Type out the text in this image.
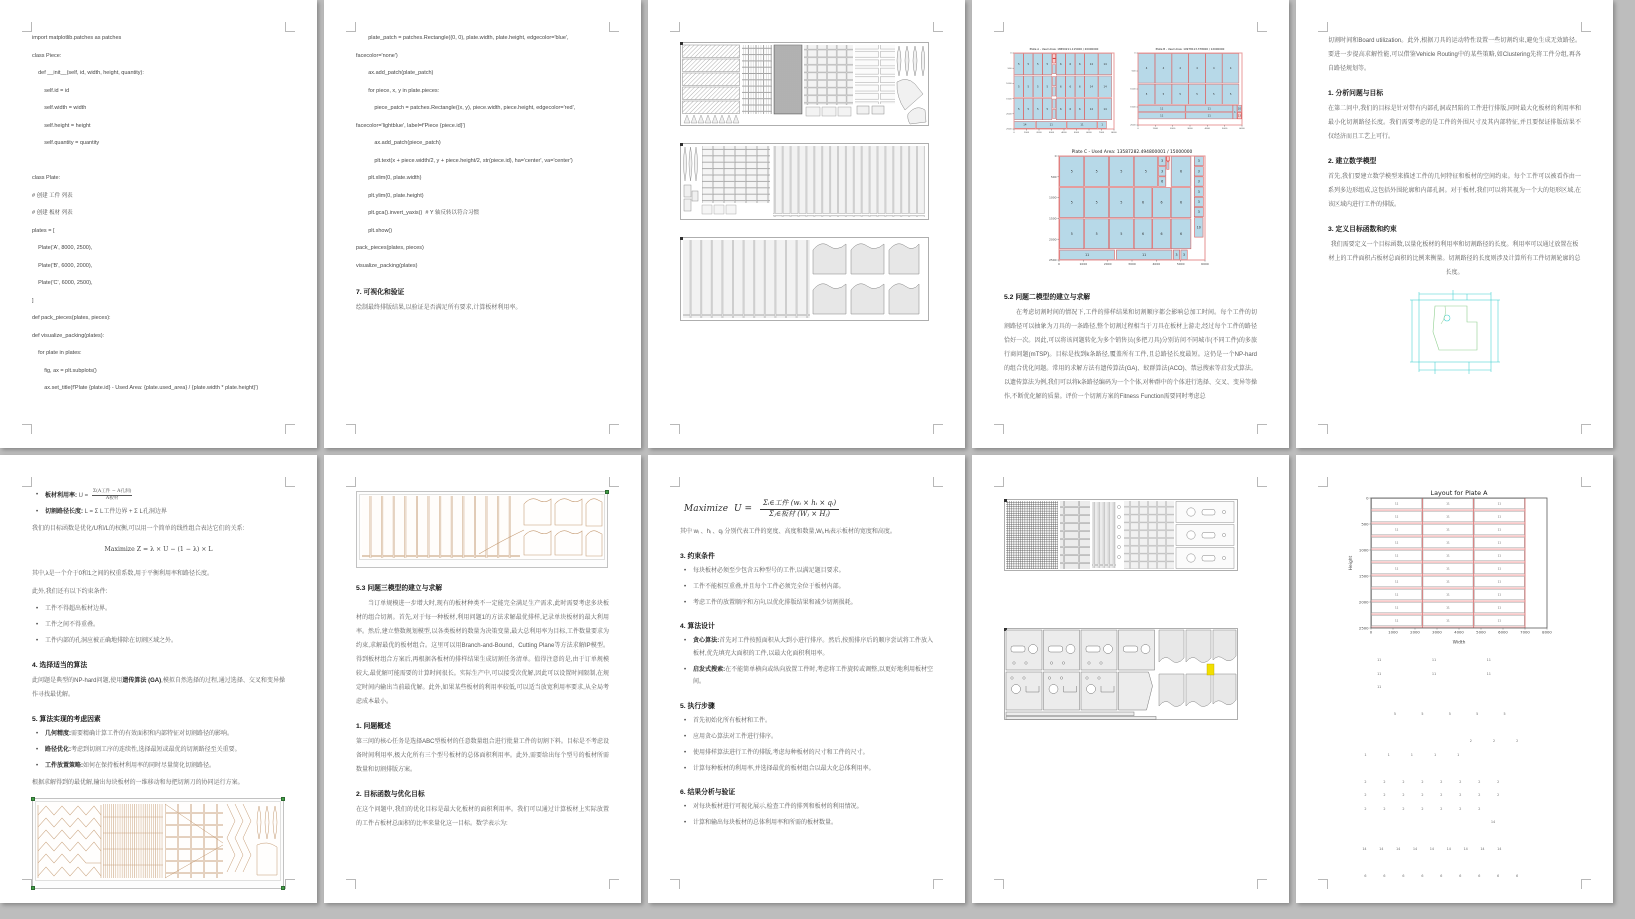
import matplotlib.patches as patches
class Piece:
def __init__(self, id, width, height, quantity):
self.id = id
self.width = width
self.height = height
self.quantity = quantity
class Plate:
# 创建 工件 列表
# 创建 板材 列表
plates = [
Plate('A', 8000, 2500),
Plate('B', 6000, 2000),
Plate('C', 6000, 2500),
]
def pack_pieces(plates, pieces):
def visualize_packing(plates):
for plate in plates:
fig, ax = plt.subplots()
ax.set_title(f'Plate {plate.id} - Used Area: {plate.used_area} / {plate.width * plate.height}')
plate_patch = patches.Rectangle((0, 0), plate.width, plate.height, edgecolor='blue', facecolor='none')
ax.add_patch(plate_patch)
for piece, x, y in plate.pieces:
piece_patch = patches.Rectangle((x, y), piece.width, piece.height, edgecolor='red', facecolor='lightblue', label=f'Piece {piece.id}')
ax.add_patch(piece_patch)
plt.text(x + piece.width/2, y + piece.height/2, str(piece.id), ha='center', va='center')
plt.xlim(0, plate.width)
plt.ylim(0, plate.height)
plt.gca().invert_yaxis()  # Y 轴反转以符合习惯
plt.show()
pack_pieces(plates, pieces)
visualize_packing(plates)
7. 可视化和验证
绘制最终排版结果,以验证是否满足所有要求,计算板材利用率。
5	5	5	5	6	6	6	14	14
5	5	5	5	6	6	6	14	14
5	5	5	5	6	6	6	14	14
14	11	11	1
0	1000	2000	3000	4000	5000	6000	7000	8000
0
500
1000
1500
2000
2500
Plate A - Used Area: 18650211.115000 / 20000000
4	4	4	4	4	4
5	5	5	5	5	5
11	11
11	11
1
10
13
0	1000	2000	3000	4000	5000	6000
0
500
1000
1500
2000
Plate B - Used Area: 10978113.378000 / 12000000
5	5	5	5
3
3
6
6
3
3
3
3
3
3
10
5	5	5	6	6	6
5	5	5	6	6	6
11	11	3 3
0	1000	2000	3000	4000	5000	6000
0
500
1000
1500
2000
2500
Plate C - Used Area: 13587282.494800001 / 15000000
5.2 问题二模型的建立与求解
在考虑切割时间的情况下,工件的排样结果和切割顺序都会影响总加工时间。每个工件的切割路径可以抽象为刀具的一条路径,整个切割过程相当于刀具在板材上游走,经过每个工件的路径恰好一次。因此,可以将该问题转化为多个销售员(多把刀具)分别访问不同城市(不同工件)的多旅行商问题(mTSP)。目标是找到k条路径,覆盖所有工件,且总路径长度最短。这仍是一个NP-hard的组合优化问题。常用的求解方法有遗传算法(GA)、蚁群算法(ACO)、禁忌搜索等启发式算法。以遗传算法为例,我们可以将k条路径编码为一个个体,对种群中的个体进行选择、交叉、变异等操作,不断优化解的质量。评价一个切割方案的Fitness Function需要同时考虑总
切割时间和Board utilization。此外,根据刀具的运动特性设置一些切割约束,避免生成无效路径。要进一步提高求解性能,可以借鉴Vehicle Routing中的某些策略,如Clustering先将工件分组,再各自路径规划等。
1. 分析问题与目标
在第二问中,我们的目标是针对带有内部孔洞或凹陷的工件进行排版,同时最大化板材的利用率和最小化切割路径长度。我们需要考虑的是工件的外围尺寸及其内部特征,并且要保证排版结果不仅经济而且工艺上可行。
2. 建立数学模型
首先,我们要建立数学模型来描述工件的几何特征和板材的空间约束。每个工件可以被看作由一系列多边形组成,这包括外围轮廓和内部孔洞。对于板材,我们可以将其视为一个大的矩形区域,在该区域内进行工件的排版。
3. 定义目标函数和约束
我们需要定义一个目标函数,以量化板材的利用率和切割路径的长度。利用率可以通过放置在板材上的工件面积占板材总面积的比例来衡量。切割路径的长度则涉及计算所有工件切割轮廓的总长度。
• 板材利用率: $U = \frac{\text{Σ(A工件 − A孔洞)}}{\text{A板材}}$
• 切割路径长度: L = Σ L工件边界 + Σ L孔洞边界
我们的目标函数是优化/U和/L的权衡,可以用一个简单的线性组合表达它们的关系:
Maximize Z = λ × U − (1 − λ) × L
其中,λ是一个介于0和1之间的权重系数,用于平衡利用率和路径长度。
此外,我们还有以下约束条件:
• 工件不得超出板材边界。
• 工件之间不得重叠。
• 工件内部的孔洞应被正确地排除在切割区域之外。
4. 选择适当的算法
此问题是典型的NP-hard问题,使用遗传算法 (GA),模拟自然选择的过程,通过选择、交叉和变异操作寻找最优解。
5. 算法实现的考虑因素
• 几何精度:需要精确计算工件的有效面积和内部特征对切割路径的影响。
• 路径优化:考虑到切割工序的连续性,选择最短或最优的切割路径至关重要。
• 工件放置策略:如何在保持板材利用率的同时尽量简化切割路径。
根据求解得到的最优解,输出每块板材的一维移动和每把切割刀的协同运行方案。
5.3 问题三模型的建立与求解
当订单规模进一步增大时,现有的板材种类不一定能完全满足生产需求,此时需要考虑多块板材的组合切割。首先,对于每一种板材,利用问题1的方法求解最优排样,记录单块板材的最大利用率。然后,建立整数规划模型,以各类板材的数量为决策变量,最大总利用率为目标,工件数量要求为约束,求解最优的板材组合。这里可以用Branch-and-Bound、Cutting Plane等方法求解IP模型。得到板材组合方案后,再根据各板材的排样结果生成切割任务清单。值得注意的是,由于订单规模较大,最优解可能需要的计算时间很长。实际生产中,可以接受次优解,因此可以设置时间限制,在规定时间内输出当前最优解。此外,如果某些板材的利用率较低,可以适当放宽利用率要求,从全局考虑成本最小。
1. 问题概述
第三问的核心任务是选择ABC型板材的任意数量组合进行批量工件的切割下料。目标是不考虑设备时间利用率,极大化所有三个型号板材的总体面积利用率。此外,需要给出每个型号的板材所需数量和切割排版方案。
2. 目标函数与优化目标
在这个问题中,我们的优化目标是最大化板材的面积利用率。我们可以通过计算板材上实际放置的工件占板材总面积的比率来量化这一目标。数学表示为:
Maximize $U = \frac{\text{Σᵢ∈工件 (wᵢ × hᵢ × qᵢ)}}{\text{Σⱼ∈板材 (Wⱼ × Hⱼ)}}$
其中 wᵢ 、hᵢ 、qᵢ 分别代表工件的宽度、高度和数量,Wⱼ,Hⱼ表示板材的宽度和高度。
3. 约束条件
• 每块板材必须至少包含五种型号的工件,以满足题目要求。
• 工件不能相互重叠,并且每个工件必须完全位于板材内部。
• 考虑工件的放置顺序和方向,以优化排版结果和减少切割损耗。
4. 算法设计
• 贪心算法:首先对工件按照面积从大到小进行排序。然后,按照排序后的顺序尝试将工件放入板材,优先填充大面积的工件,以最大化面积利用率。
• 启发式搜索:在不能简单横向或纵向放置工件时,考虑将工件旋转或调整,以更好地利用板材空间。
5. 执行步骤
• 首先初始化所有板材和工件。
• 应用贪心算法对工件进行排序。
• 使用排样算法进行工件的排版,考虑每种板材的尺寸和工件的尺寸。
• 计算每种板材的利用率,并选择最优的板材组合以最大化总体利用率。
6. 结果分析与验证
• 对每块板材进行可视化展示,检查工件的排列和板材的利用情况。
• 计算和输出每块板材的总体利用率和所需的板材数量。
11	11	11
11	11	11
11	11	11
11	11	11
11	11	11
11	11	11
11	11	11
11	11	11
11	11	11
11	11	11
0	1000	2000	3000	4000	5000	6000	7000	8000
0
500
1000
1500
2000
2500
Layout for Plate A
Width
Height
11                        11                        11
11                        11                        11
11
5            5            5            5            5
2          2          2
1          1          1          1          1
2        2        2        2        2        2        2        2
2        2        2        2        2        2        2        2
2        2        2        2        2        2        2
14
14      14      14      14      14      14      14      14      14
6        6        6        6        6        6        6        6        6
